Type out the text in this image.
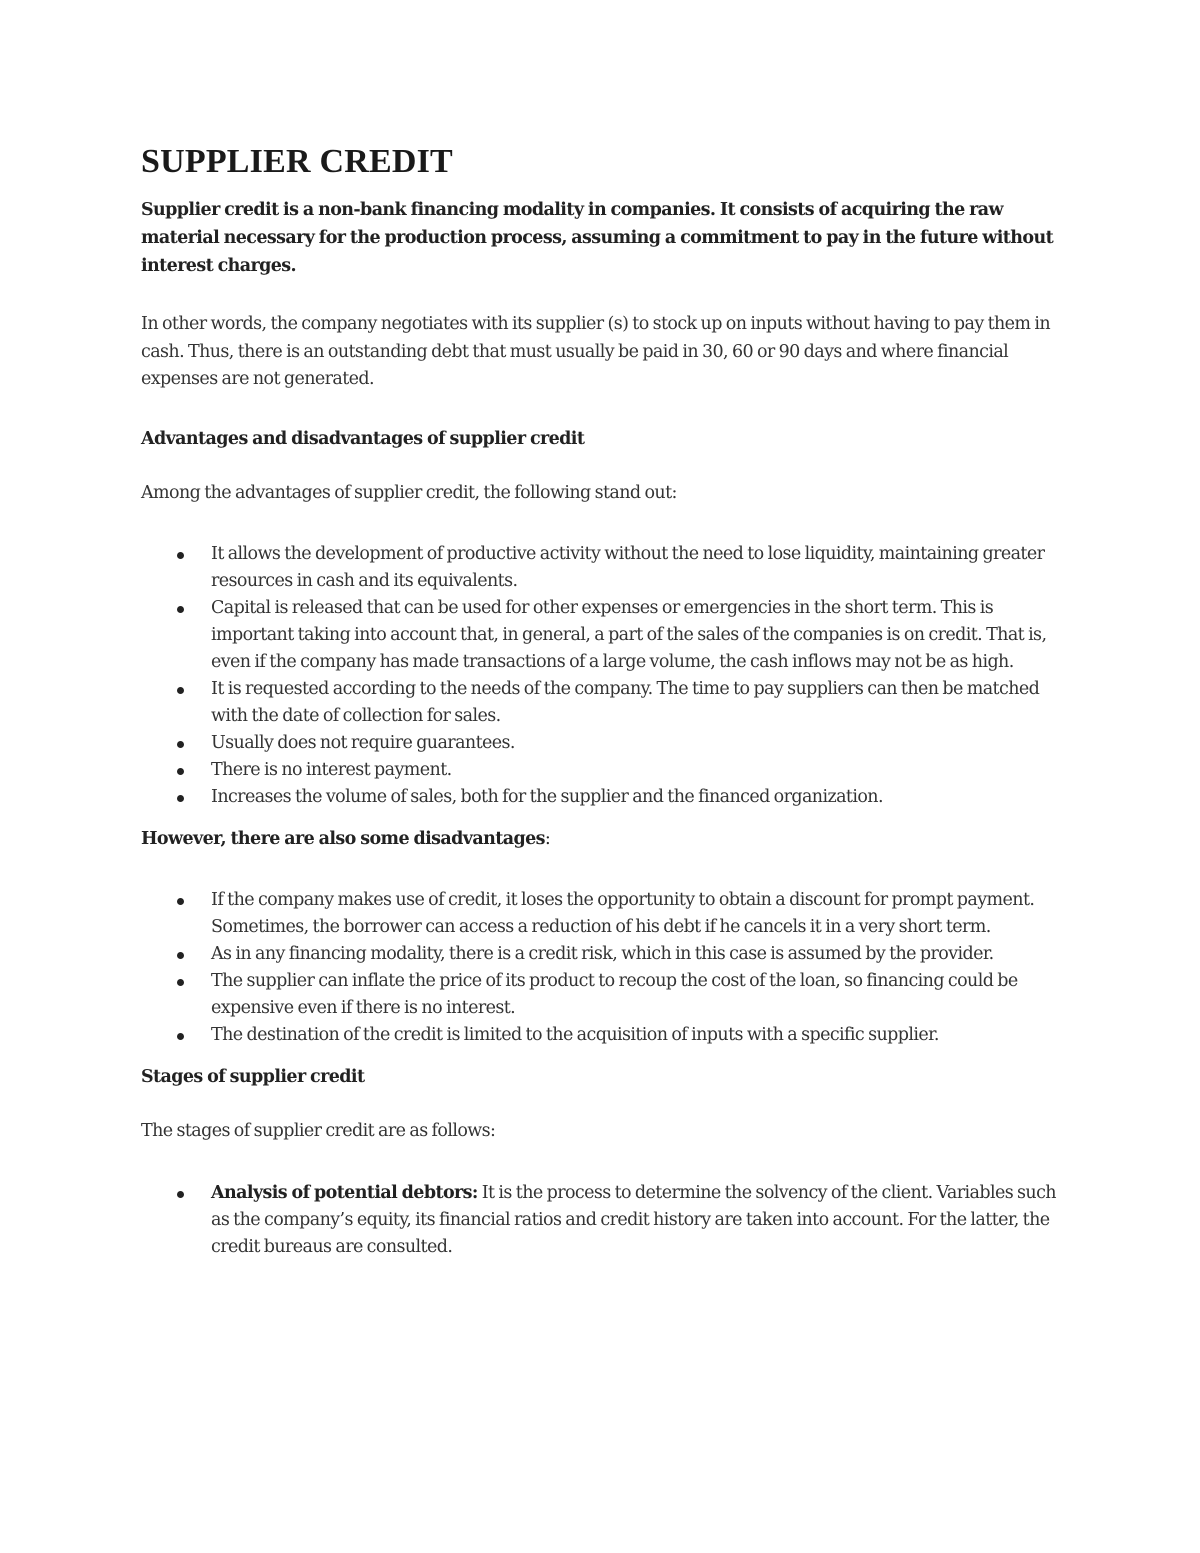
SUPPLIER CREDIT

Supplier credit is a non-bank financing modality in companies. It consists of acquiring the raw material necessary for the production process, assuming a commitment to pay in the future without interest charges.

In other words, the company negotiates with its supplier (s) to stock up on inputs without having to pay them in cash. Thus, there is an outstanding debt that must usually be paid in 30, 60 or 90 days and where financial expenses are not generated.

Advantages and disadvantages of supplier credit

Among the advantages of supplier credit, the following stand out:

It allows the development of productive activity without the need to lose liquidity, maintaining greater resources in cash and its equivalents.
Capital is released that can be used for other expenses or emergencies in the short term. This is important taking into account that, in general, a part of the sales of the companies is on credit. That is, even if the company has made transactions of a large volume, the cash inflows may not be as high.
It is requested according to the needs of the company. The time to pay suppliers can then be matched with the date of collection for sales.
Usually does not require guarantees.
There is no interest payment.
Increases the volume of sales, both for the supplier and the financed organization.
However, there are also some disadvantages:
If the company makes use of credit, it loses the opportunity to obtain a discount for prompt payment. Sometimes, the borrower can access a reduction of his debt if he cancels it in a very short term.
As in any financing modality, there is a credit risk, which in this case is assumed by the provider.
The supplier can inflate the price of its product to recoup the cost of the loan, so financing could be expensive even if there is no interest.
The destination of the credit is limited to the acquisition of inputs with a specific supplier.
Stages of supplier credit

The stages of supplier credit are as follows:

Analysis of potential debtors: It is the process to determine the solvency of the client. Variables such as the company’s equity, its financial ratios and credit history are taken into account. For the latter, the credit bureaus are consulted.
